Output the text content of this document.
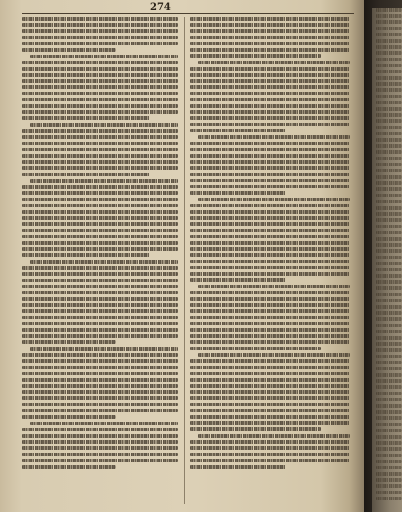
274
